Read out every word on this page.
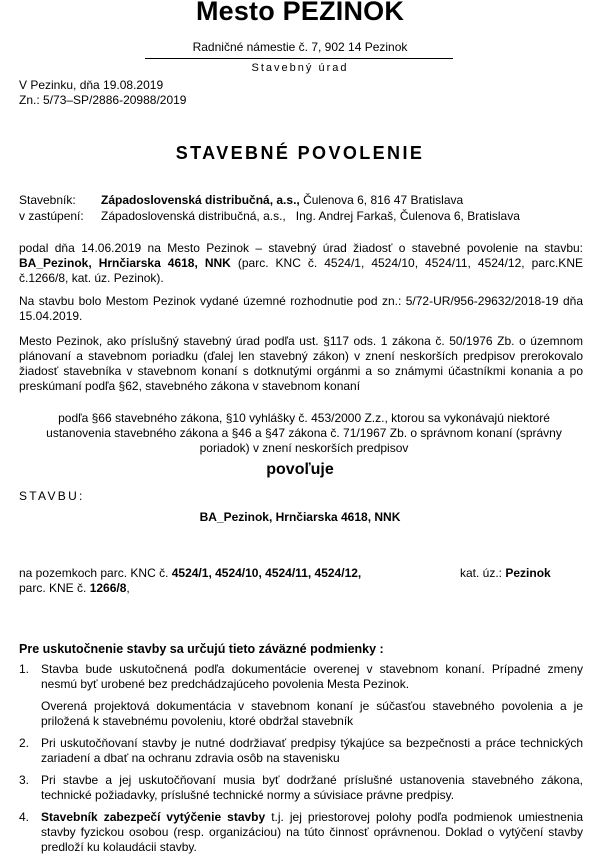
Mesto PEZINOK
Radničné námestie č. 7, 902 14 Pezinok
Stavebný úrad
V Pezinku, dňa 19.08.2019
Zn.: 5/73–SP/2886-20988/2019
STAVEBNÉ POVOLENIE
Stavebník: Západoslovenská distribučná, a.s., Čulenova 6, 816 47 Bratislava
v zastúpení: Západoslovenská distribučná, a.s.,   Ing. Andrej Farkaš, Čulenova 6, Bratislava
podal dňa 14.06.2019 na Mesto Pezinok – stavebný úrad žiadosť o stavebné povolenie na stavbu: BA_Pezinok, Hrnčiarska 4618, NNK (parc. KNC č. 4524/1, 4524/10, 4524/11, 4524/12, parc.KNE č.1266/8, kat. úz. Pezinok).
Na stavbu bolo Mestom Pezinok vydané územné rozhodnutie pod zn.: 5/72-UR/956-29632/2018-19 dňa 15.04.2019.
Mesto Pezinok, ako príslušný stavebný úrad podľa ust. §117 ods. 1 zákona č. 50/1976 Zb. o územnom plánovaní a stavebnom poriadku (ďalej len stavebný zákon) v znení neskorších predpisov prerokovalo žiadosť stavebníka v stavebnom konaní s dotknutými orgánmi a so známymi účastníkmi konania a po preskúmaní podľa §62, stavebného zákona v stavebnom konaní
podľa §66 stavebného zákona, §10 vyhlášky č. 453/2000 Z.z., ktorou sa vykonávajú niektoré ustanovenia stavebného zákona a §46 a §47 zákona č. 71/1967 Zb. o správnom konaní (správny poriadok) v znení neskorších predpisov
povoľuje
STAVBU:
BA_Pezinok, Hrnčiarska 4618, NNK
na pozemkoch parc. KNC č. 4524/1, 4524/10, 4524/11, 4524/12,	kat. úz.: Pezinok
parc. KNE č. 1266/8,
Pre uskutočnenie stavby sa určujú tieto záväzné podmienky :
1. Stavba bude uskutočnená podľa dokumentácie overenej v stavebnom konaní. Prípadné zmeny nesmú byť urobené bez predchádzajúceho povolenia Mesta Pezinok.
Overená projektová dokumentácia v stavebnom konaní je súčasťou stavebného povolenia a je priložená k stavebnému povoleniu, ktoré obdržal stavebník
2. Pri uskutočňovaní stavby je nutné dodržiavať predpisy týkajúce sa bezpečnosti a práce technických zariadení a dbať na ochranu zdravia osôb na stavenisku
3. Pri stavbe a jej uskutočňovaní musia byť dodržané príslušné ustanovenia stavebného zákona, technické požiadavky, príslušné technické normy a súvisiace právne predpisy.
4. Stavebník zabezpečí vytýčenie stavby t.j. jej priestorovej polohy podľa podmienok umiestnenia stavby fyzickou osobou (resp. organizáciou) na túto činnosť oprávnenou. Doklad o vytýčení stavby predloží ku kolaudácii stavby.
